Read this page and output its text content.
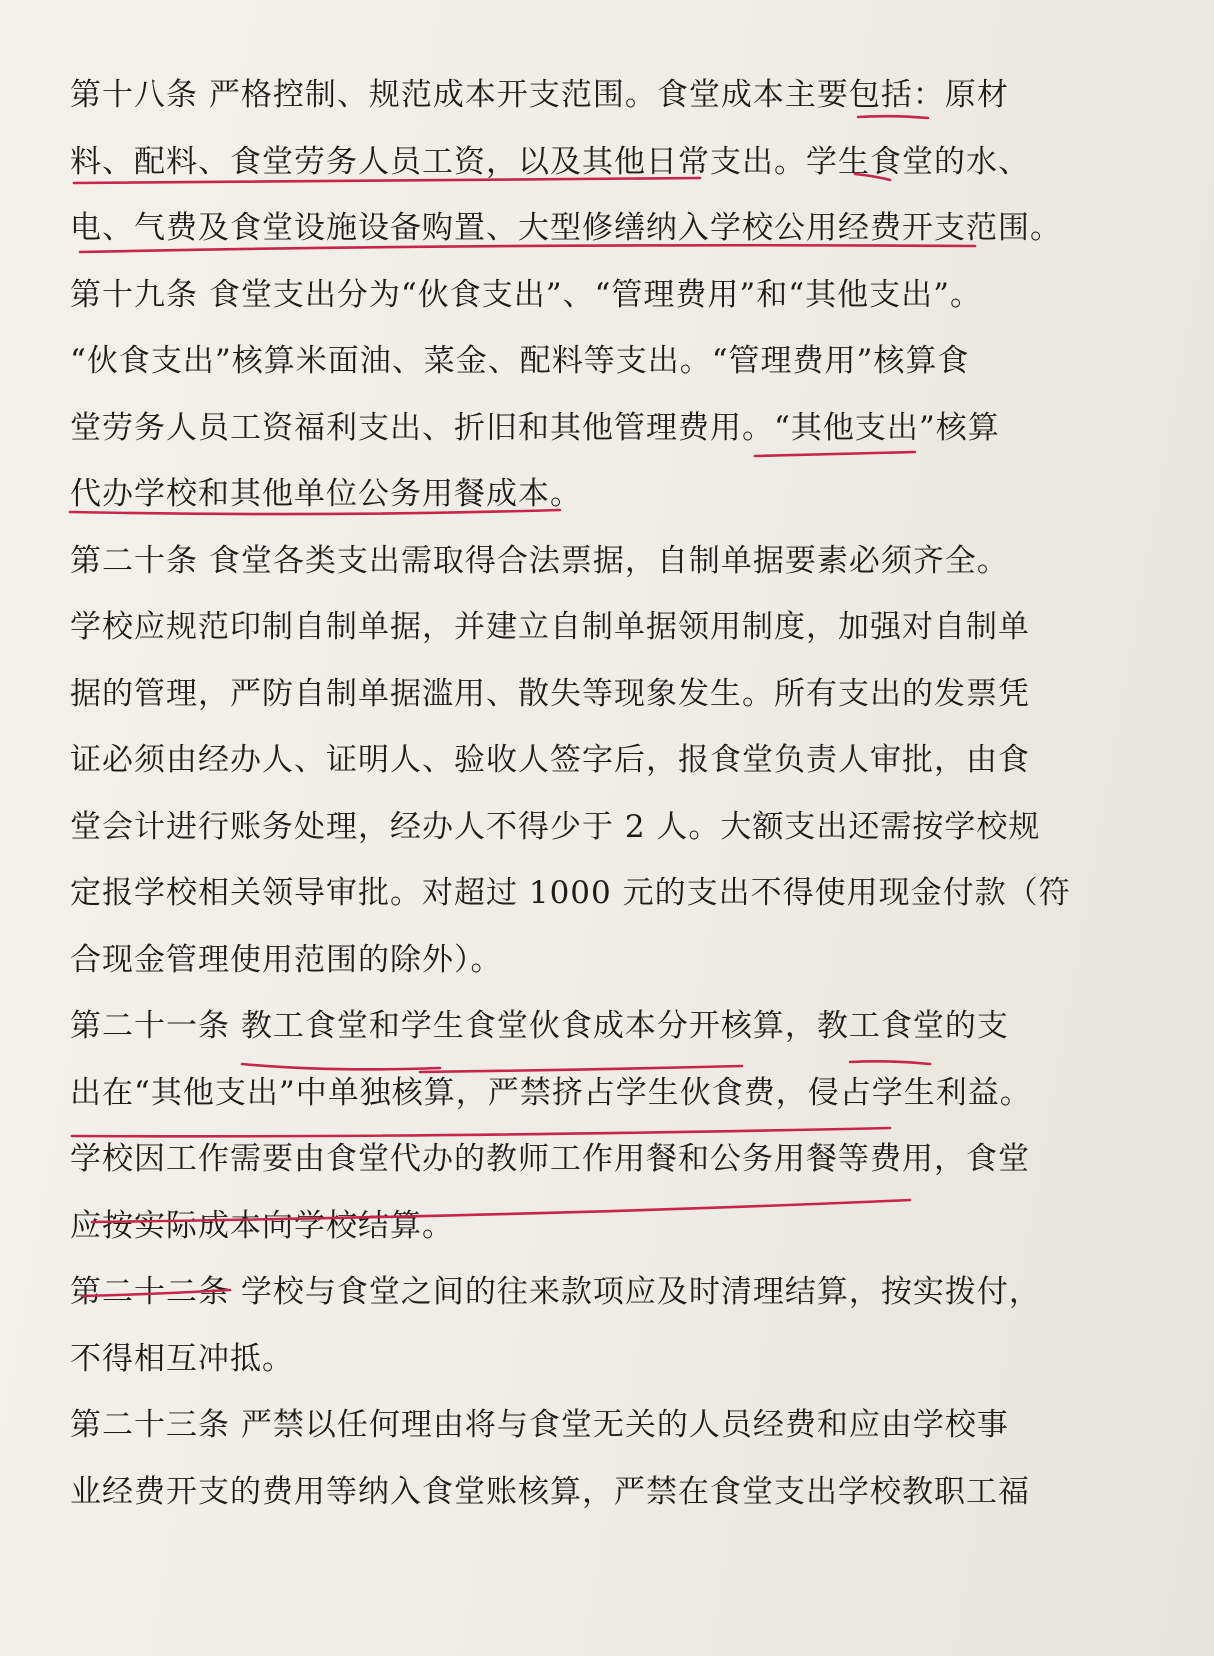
第十八条 严格控制、规范成本开支范围。食堂成本主要包括：原材
料、配料、食堂劳务人员工资，以及其他日常支出。学生食堂的水、
电、气费及食堂设施设备购置、大型修缮纳入学校公用经费开支范围。
第十九条 食堂支出分为“伙食支出”、“管理费用”和“其他支出”。
“伙食支出”核算米面油、菜金、配料等支出。“管理费用”核算食
堂劳务人员工资福利支出、折旧和其他管理费用。“其他支出”核算
代办学校和其他单位公务用餐成本。
第二十条 食堂各类支出需取得合法票据，自制单据要素必须齐全。
学校应规范印制自制单据，并建立自制单据领用制度，加强对自制单
据的管理，严防自制单据滥用、散失等现象发生。所有支出的发票凭
证必须由经办人、证明人、验收人签字后，报食堂负责人审批，由食
堂会计进行账务处理，经办人不得少于 2 人。大额支出还需按学校规
定报学校相关领导审批。对超过 1000 元的支出不得使用现金付款（符
合现金管理使用范围的除外）。
第二十一条 教工食堂和学生食堂伙食成本分开核算，教工食堂的支
出在“其他支出”中单独核算，严禁挤占学生伙食费，侵占学生利益。
学校因工作需要由食堂代办的教师工作用餐和公务用餐等费用，食堂
应按实际成本向学校结算。
第二十二条 学校与食堂之间的往来款项应及时清理结算，按实拨付，
不得相互冲抵。
第二十三条 严禁以任何理由将与食堂无关的人员经费和应由学校事
业经费开支的费用等纳入食堂账核算，严禁在食堂支出学校教职工福
